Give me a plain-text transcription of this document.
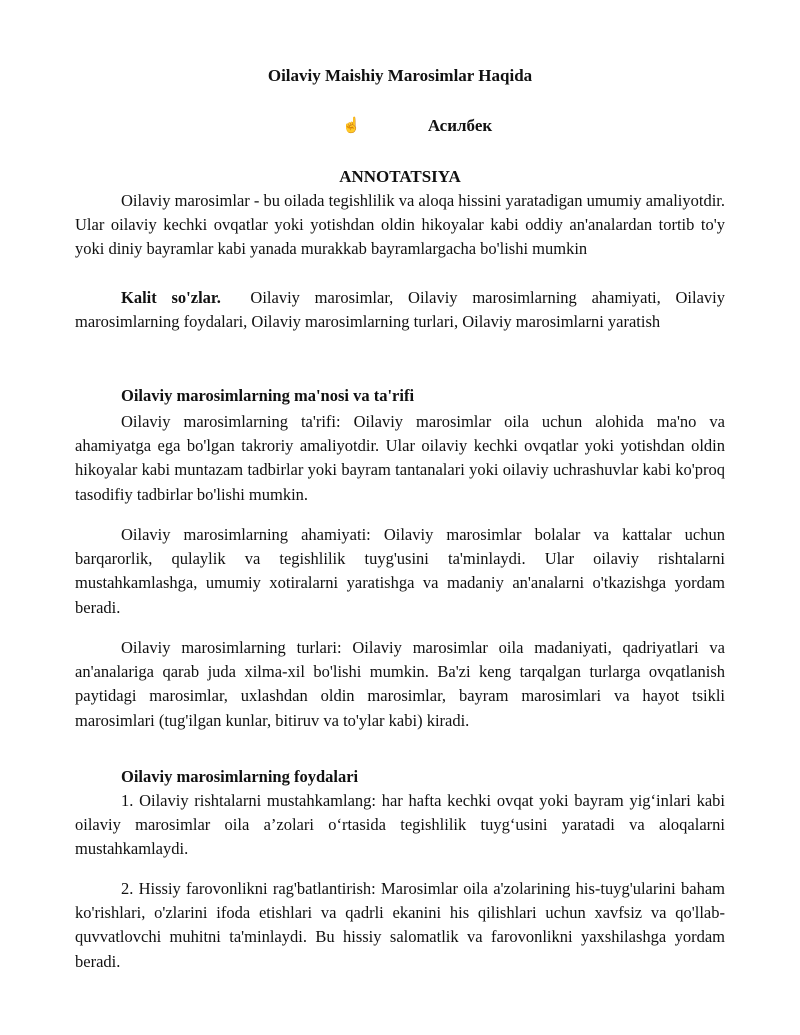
Oilaviy Maishiy Marosimlar Haqida
☝	Асилбек
ANNOTATSIYA

Oilaviy marosimlar - bu oilada tegishlilik va aloqa hissini yaratadigan umumiy amaliyotdir. Ular oilaviy kechki ovqatlar yoki yotishdan oldin hikoyalar kabi oddiy an'analardan tortib to'y yoki diniy bayramlar kabi yanada murakkab bayramlargacha bo'lishi mumkin

Kalit so'zlar. Oilaviy marosimlar, Oilaviy marosimlarning ahamiyati, Oilaviy marosimlarning foydalari, Oilaviy marosimlarning turlari, Oilaviy marosimlarni yaratish

Oilaviy marosimlarning ma'nosi va ta'rifi

Oilaviy marosimlarning ta'rifi: Oilaviy marosimlar oila uchun alohida ma'no va ahamiyatga ega bo'lgan takroriy amaliyotdir. Ular oilaviy kechki ovqatlar yoki yotishdan oldin hikoyalar kabi muntazam tadbirlar yoki bayram tantanalari yoki oilaviy uchrashuvlar kabi ko'proq tasodifiy tadbirlar bo'lishi mumkin.

Oilaviy marosimlarning ahamiyati: Oilaviy marosimlar bolalar va kattalar uchun barqarorlik, qulaylik va tegishlilik tuyg'usini ta'minlaydi. Ular oilaviy rishtalarni mustahkamlashga, umumiy xotiralarni yaratishga va madaniy an'analarni o'tkazishga yordam beradi.

Oilaviy marosimlarning turlari: Oilaviy marosimlar oila madaniyati, qadriyatlari va an'analariga qarab juda xilma-xil bo'lishi mumkin. Ba'zi keng tarqalgan turlarga ovqatlanish paytidagi marosimlar, uxlashdan oldin marosimlar, bayram marosimlari va hayot tsikli marosimlari (tug'ilgan kunlar, bitiruv va to'ylar kabi) kiradi.

Oilaviy marosimlarning foydalari

1. Oilaviy rishtalarni mustahkamlang: har hafta kechki ovqat yoki bayram yig‘inlari kabi oilaviy marosimlar oila a’zolari o‘rtasida tegishlilik tuyg‘usini yaratadi va aloqalarni mustahkamlaydi.

2. Hissiy farovonlikni rag'batlantirish: Marosimlar oila a'zolarining his-tuyg'ularini baham ko'rishlari, o'zlarini ifoda etishlari va qadrli ekanini his qilishlari uchun xavfsiz va qo'llab-quvvatlovchi muhitni ta'minlaydi. Bu hissiy salomatlik va farovonlikni yaxshilashga yordam beradi.
